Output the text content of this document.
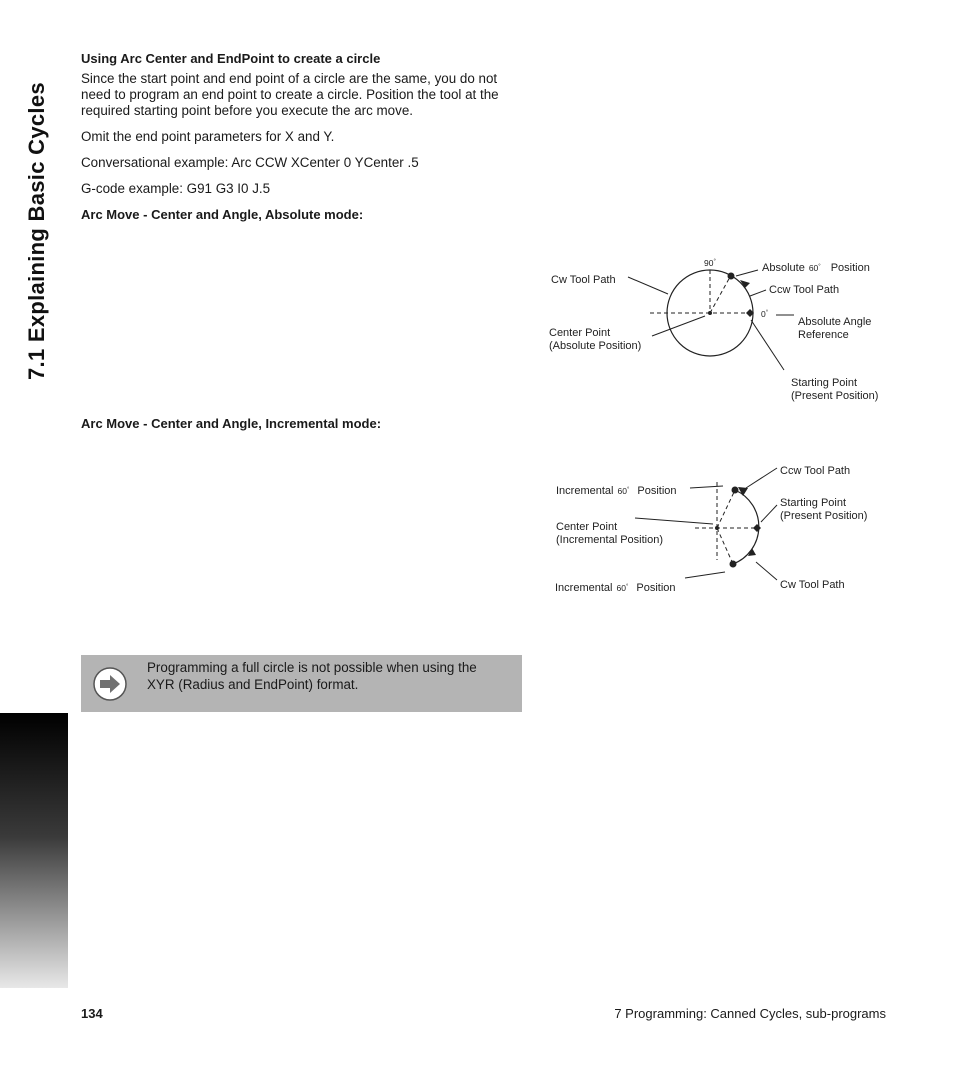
7.1 Explaining Basic Cycles
Using Arc Center and EndPoint to create a circle

Since the start point and end point of a circle are the same, you do not

need to program an end point to create a circle. Position the tool at the

required starting point before you execute the arc move.

Omit the end point parameters for X and Y.

Conversational example: Arc CCW XCenter 0 YCenter .5

G-code example: G91 G3 I0 J.5

Arc Move - Center and Angle, Absolute mode:
90°
0°
Cw Tool Path
Absolute 60° Position
Ccw Tool Path
Center Point
(Absolute Position)
Absolute Angle
Reference
Starting Point
(Present Position)
Arc Move - Center and Angle, Incremental mode:
Incremental 60° Position
Ccw Tool Path
Starting Point
(Present Position)
Center Point
(Incremental Position)
Incremental 60° Position	Cw Tool Path
Programming a full circle is not possible when using the
XYR (Radius and EndPoint) format.
134	7 Programming: Canned Cycles, sub-programs
